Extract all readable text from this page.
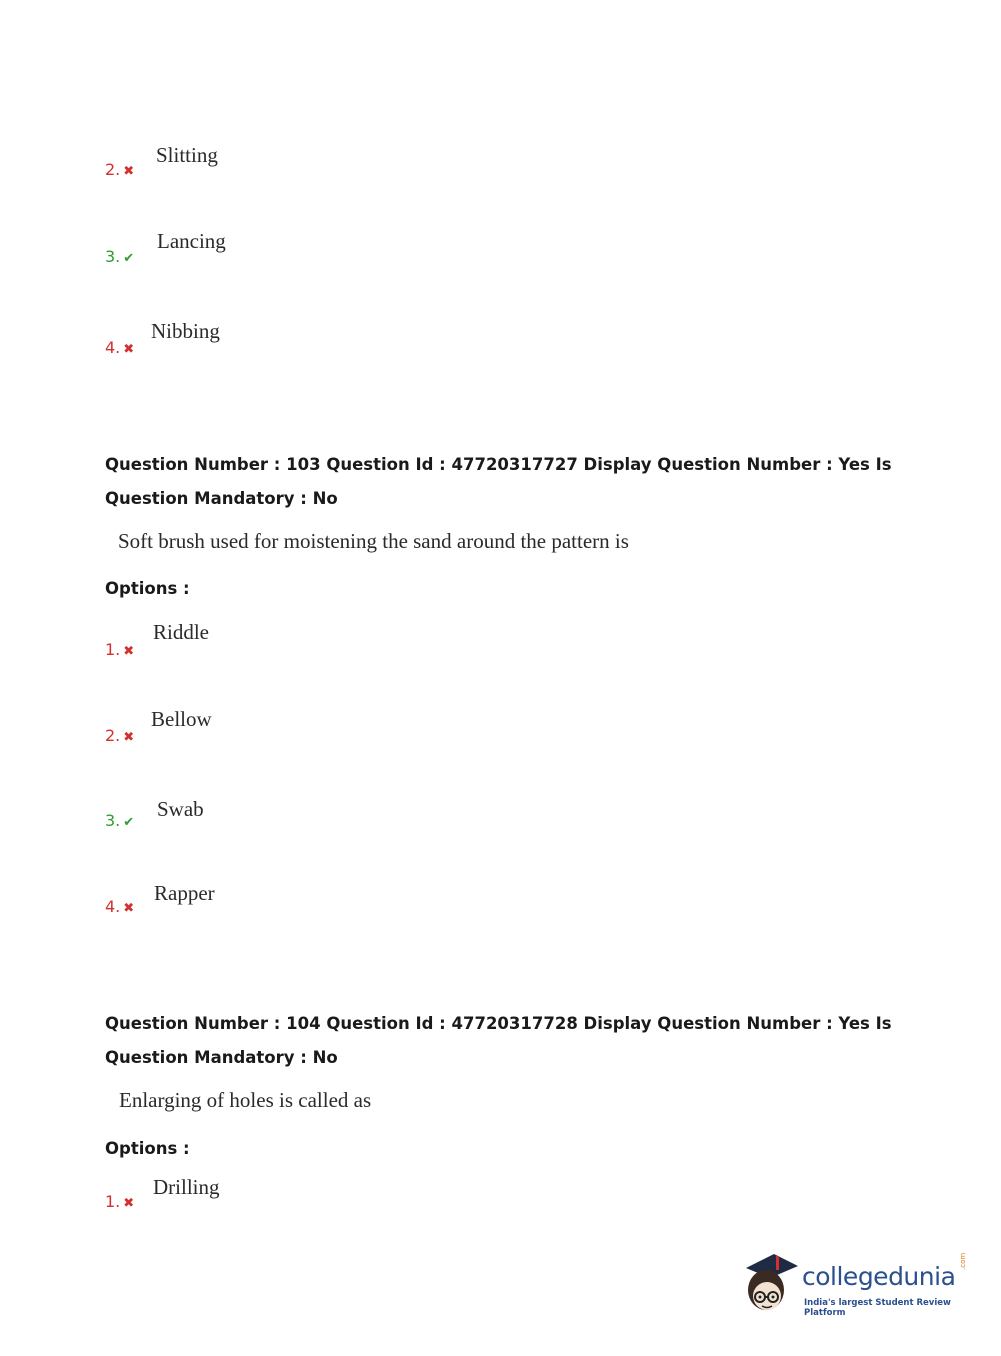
2. ✖
Slitting
3. ✔
Lancing
4. ✖
Nibbing
Question Number : 103 Question Id : 47720317727 Display Question Number : Yes Is Question Mandatory : No
Soft brush used for moistening the sand around the pattern is
Options :
1. ✖
Riddle
2. ✖
Bellow
3. ✔
Swab
4. ✖
Rapper
Question Number : 104 Question Id : 47720317728 Display Question Number : Yes Is Question Mandatory : No
Enlarging of holes is called as
Options :
1. ✖
Drilling
collegedunia
.com
India's largest Student Review Platform
